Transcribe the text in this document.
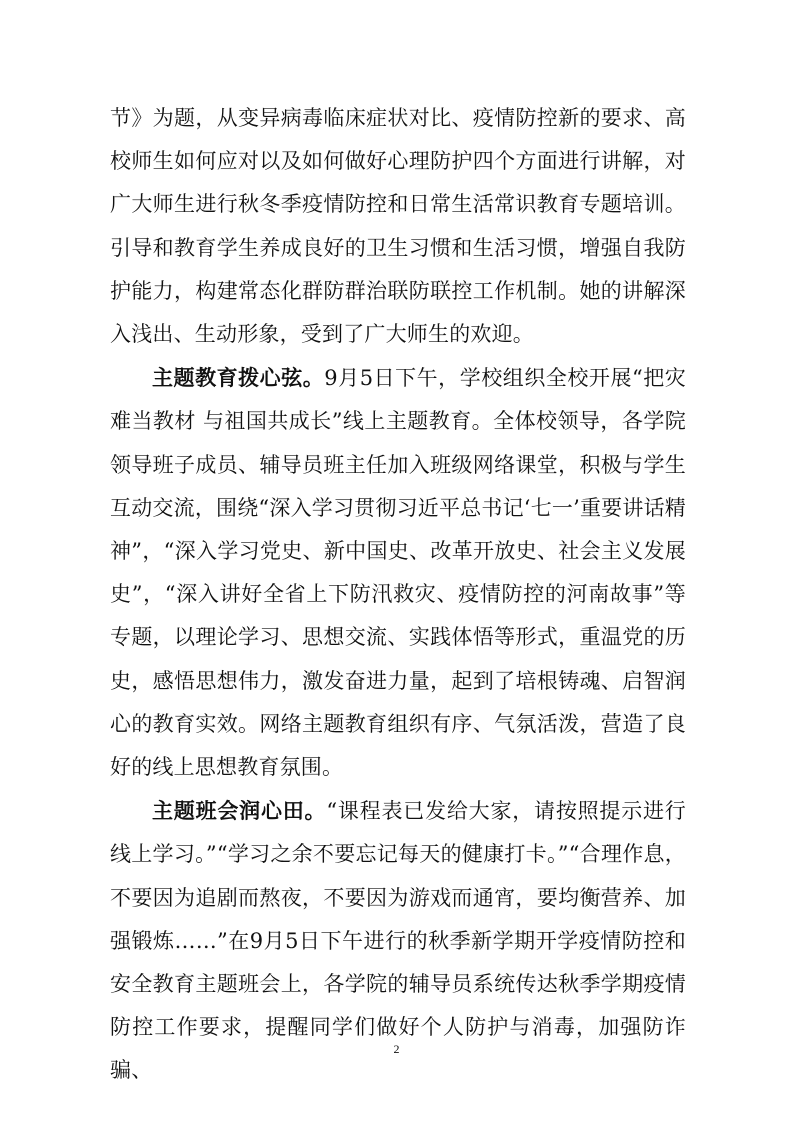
节》为题，从变异病毒临床症状对比、疫情防控新的要求、高校师生如何应对以及如何做好心理防护四个方面进行讲解，对广大师生进行秋冬季疫情防控和日常生活常识教育专题培训。引导和教育学生养成良好的卫生习惯和生活习惯，增强自我防护能力，构建常态化群防群治联防联控工作机制。她的讲解深入浅出、生动形象，受到了广大师生的欢迎。

主题教育拨心弦。9月5日下午，学校组织全校开展“把灾难当教材 与祖国共成长”线上主题教育。全体校领导，各学院领导班子成员、辅导员班主任加入班级网络课堂，积极与学生互动交流，围绕“深入学习贯彻习近平总书记‘七一’重要讲话精神”，“深入学习党史、新中国史、改革开放史、社会主义发展史”，“深入讲好全省上下防汛救灾、疫情防控的河南故事”等专题，以理论学习、思想交流、实践体悟等形式，重温党的历史，感悟思想伟力，激发奋进力量，起到了培根铸魂、启智润心的教育实效。网络主题教育组织有序、气氛活泼，营造了良好的线上思想教育氛围。

主题班会润心田。“课程表已发给大家，请按照提示进行线上学习。”“学习之余不要忘记每天的健康打卡。”“合理作息，不要因为追剧而熬夜，不要因为游戏而通宵，要均衡营养、加强锻炼……”在9月5日下午进行的秋季新学期开学疫情防控和安全教育主题班会上，各学院的辅导员系统传达秋季学期疫情防控工作要求，提醒同学们做好个人防护与消毒，加强防诈骗、

2
